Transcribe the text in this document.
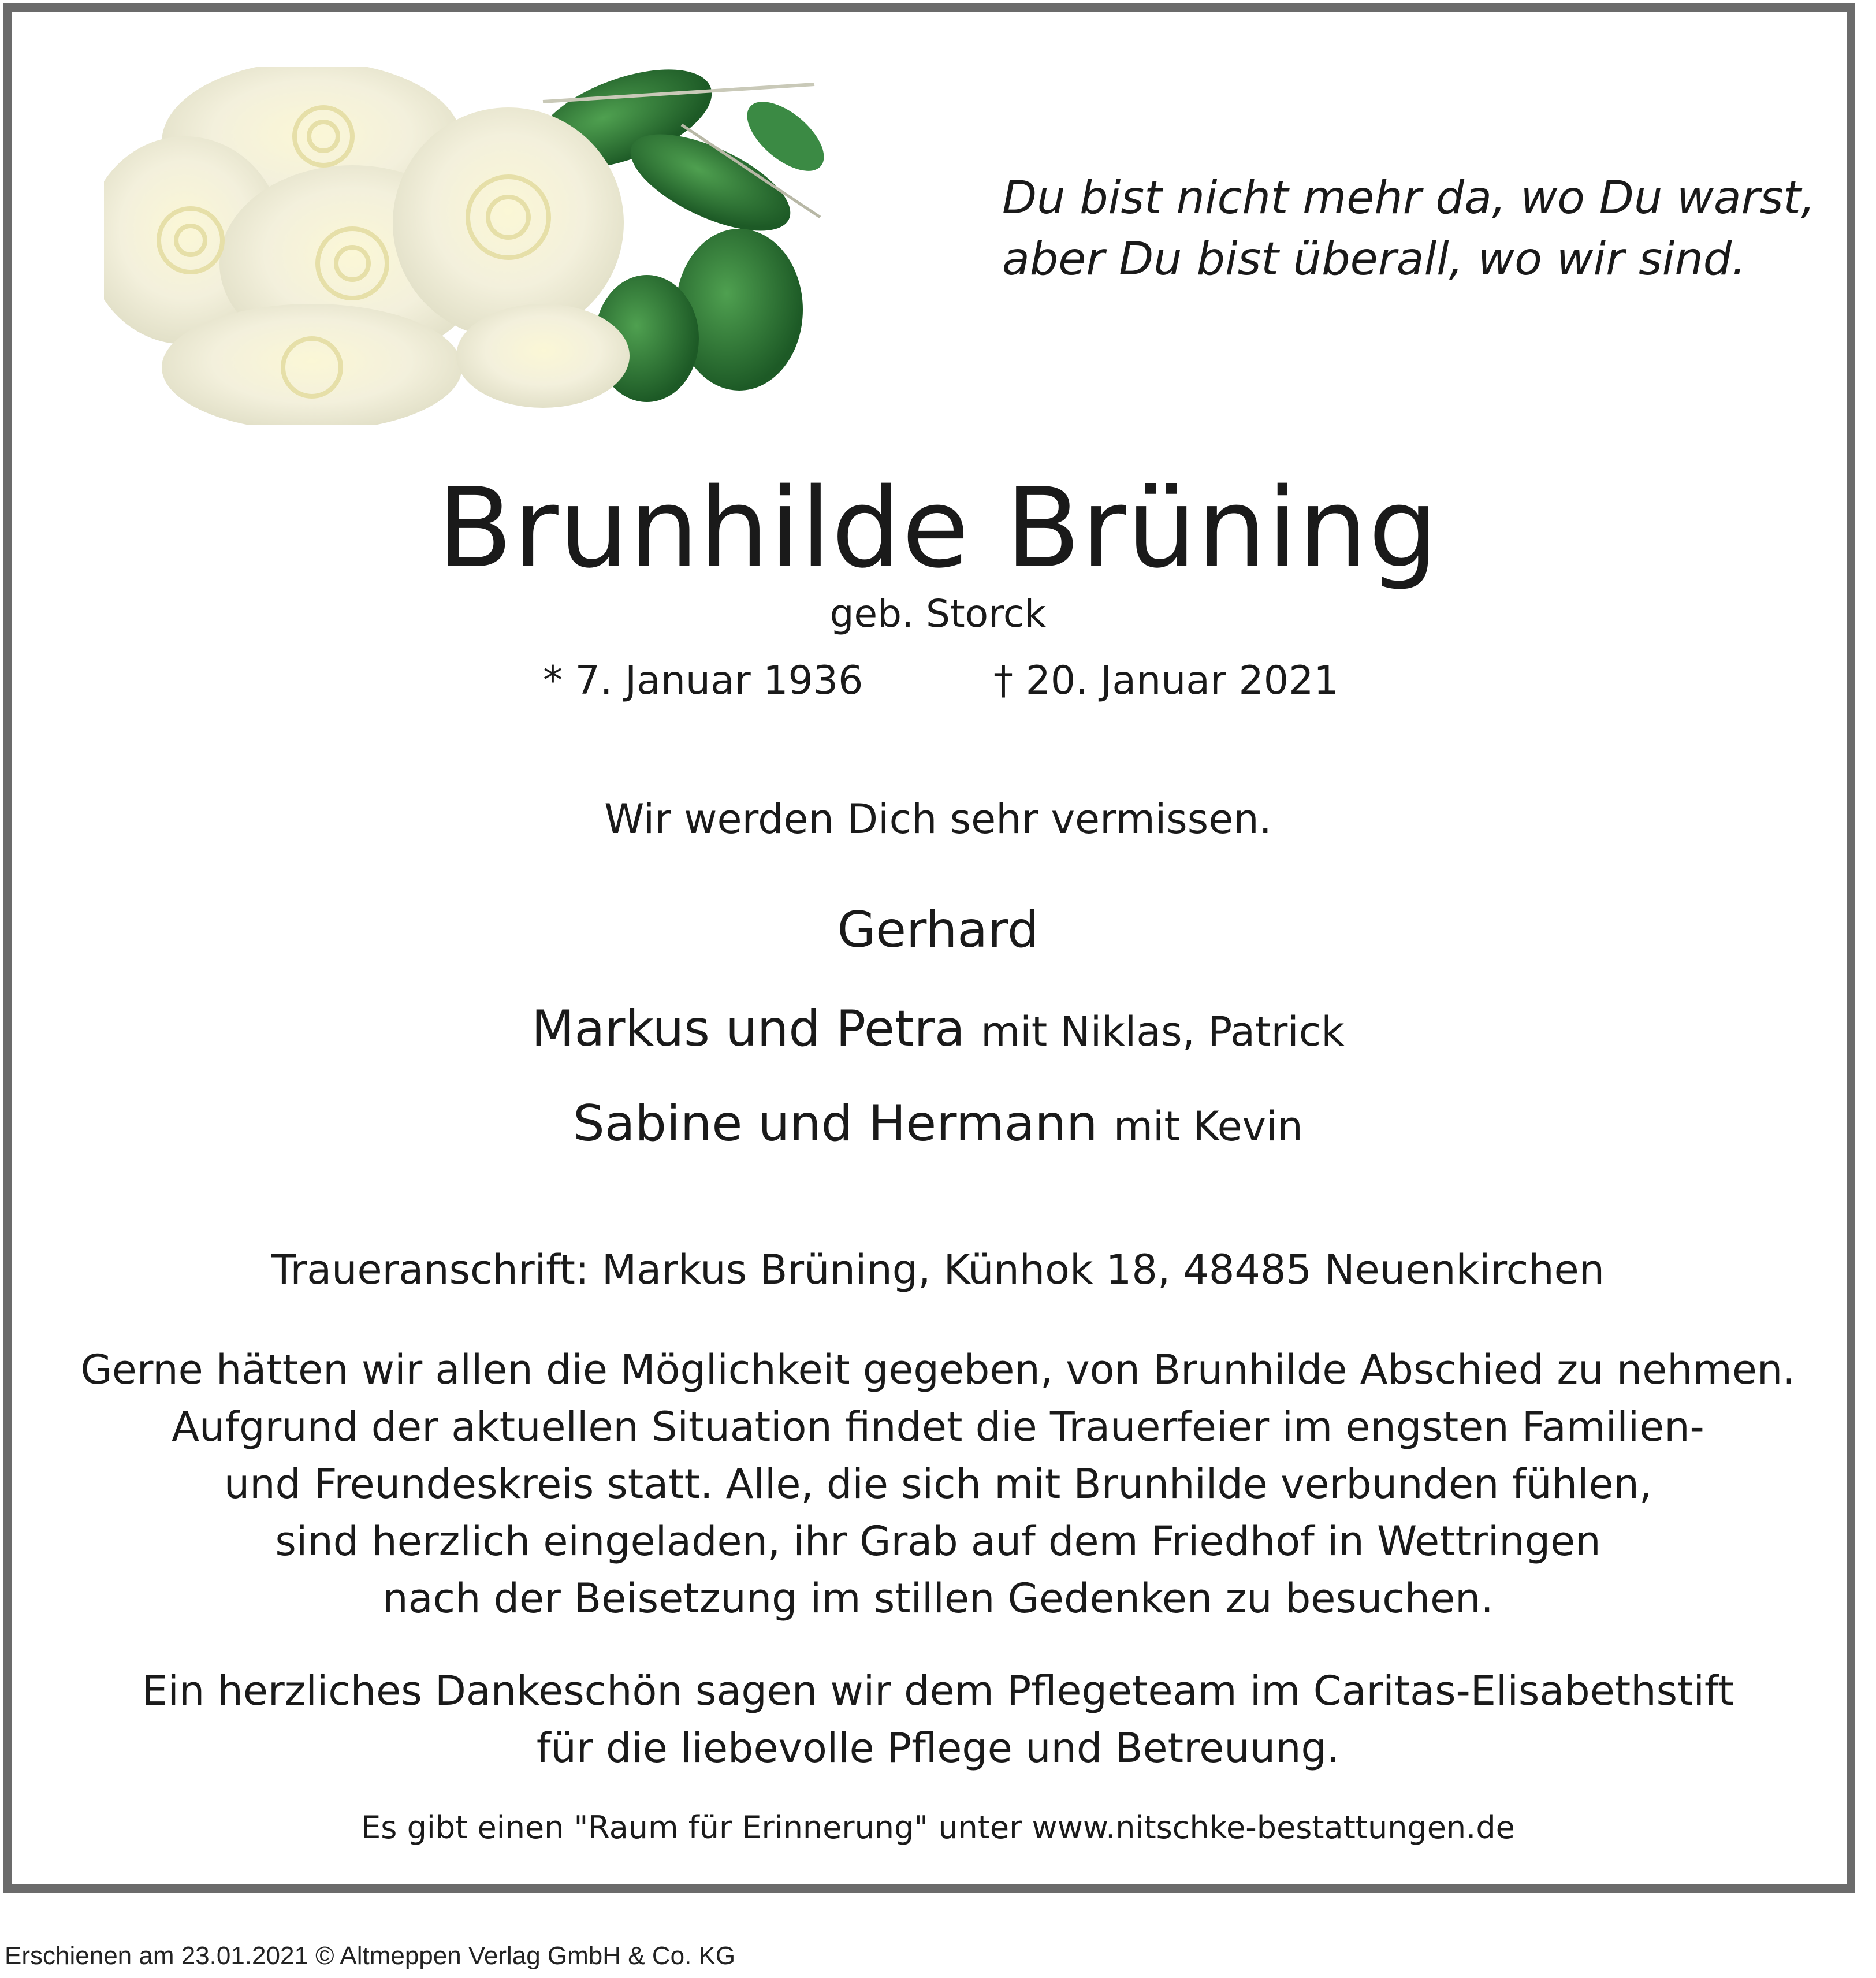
Du bist nicht mehr da, wo Du warst,
aber Du bist überall, wo wir sind.
Brunhilde Brüning
geb. Storck
* 7. Januar 1936	† 20. Januar 2021
Wir werden Dich sehr vermissen.
Gerhard
Markus und Petra mit Niklas, Patrick
Sabine und Hermann mit Kevin
Traueranschrift: Markus Brüning, Künhok 18, 48485 Neuenkirchen
Gerne hätten wir allen die Möglichkeit gegeben, von Brunhilde Abschied zu nehmen.
Aufgrund der aktuellen Situation findet die Trauerfeier im engsten Familien-
und Freundeskreis statt. Alle, die sich mit Brunhilde verbunden fühlen,
sind herzlich eingeladen, ihr Grab auf dem Friedhof in Wettringen
nach der Beisetzung im stillen Gedenken zu besuchen.
Ein herzliches Dankeschön sagen wir dem Pflegeteam im Caritas-Elisabethstift
für die liebevolle Pflege und Betreuung.
Es gibt einen "Raum für Erinnerung" unter www.nitschke-bestattungen.de
Erschienen am 23.01.2021 © Altmeppen Verlag GmbH & Co. KG
